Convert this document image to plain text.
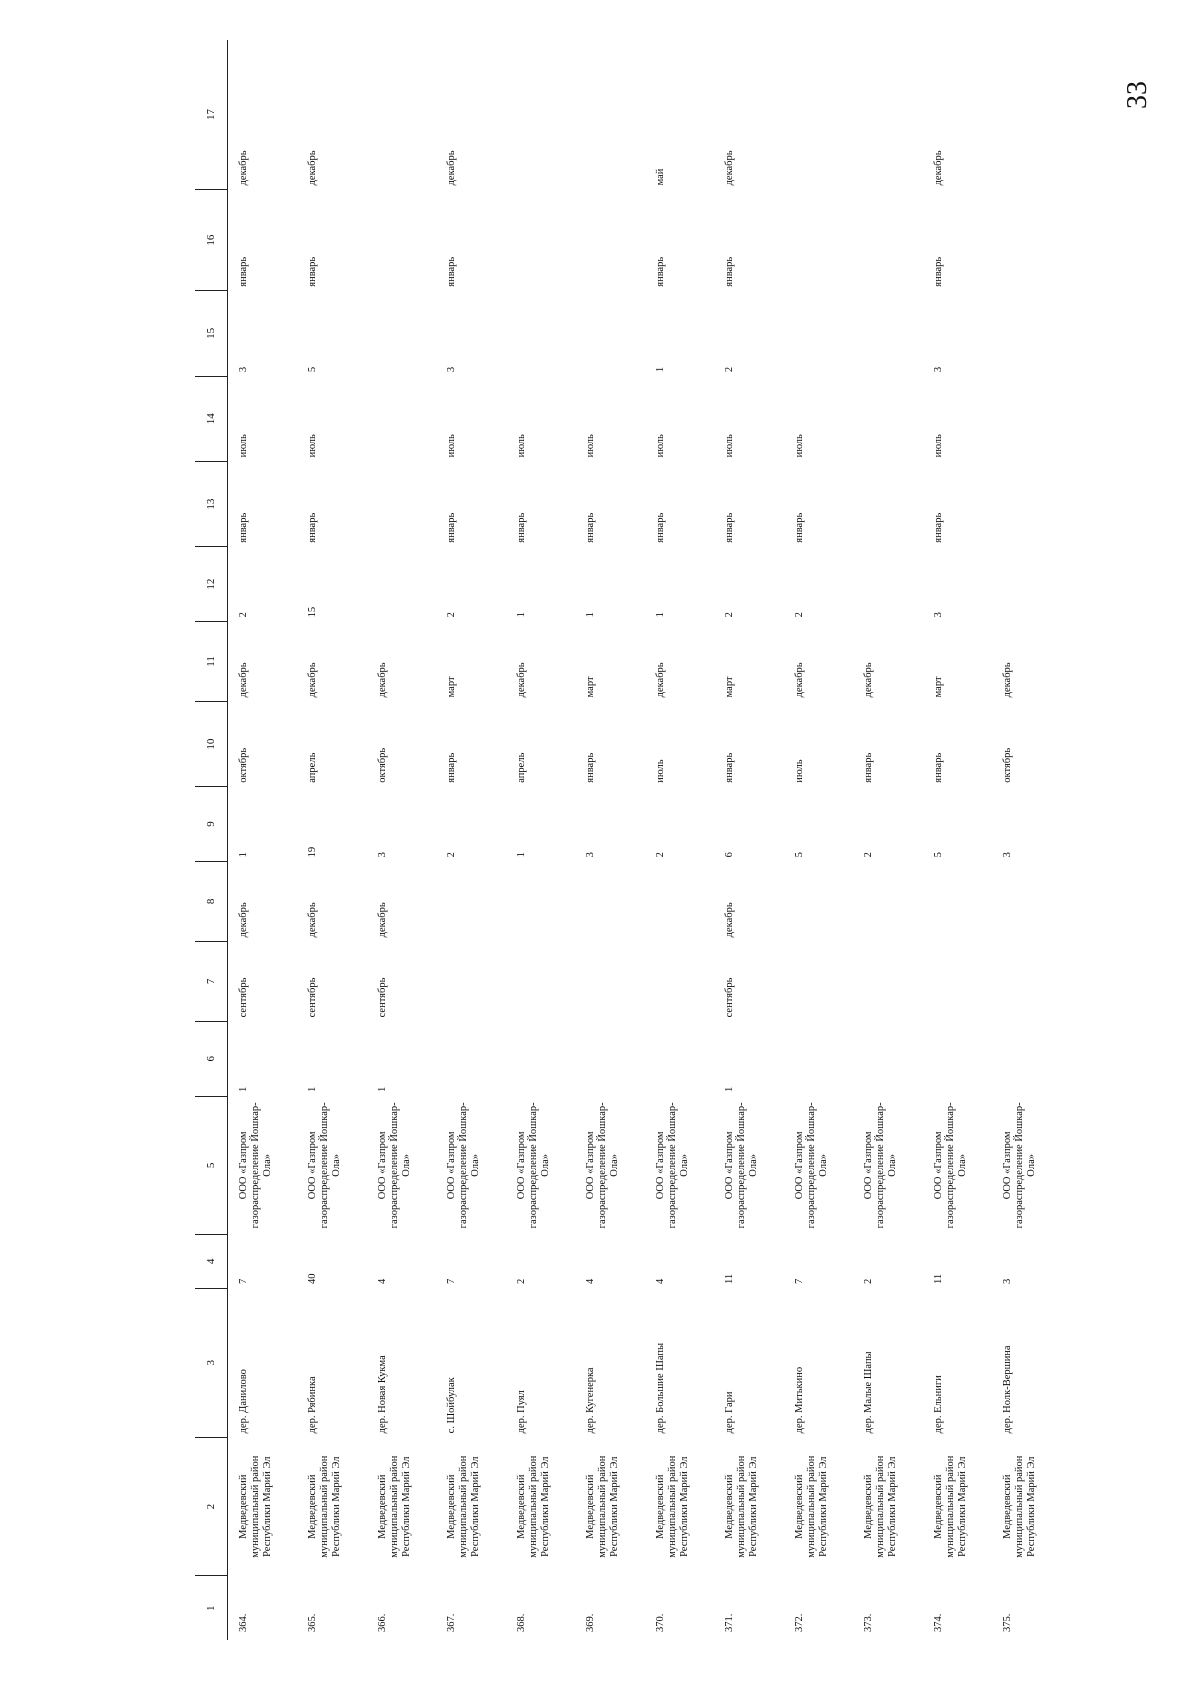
33
1	2	3	4	5	6	7	8	9	10	11	12	13	14	15	16	17
364.	Медведевский муниципальный район Республики Марий Эл	дер. Данилово	7	ООО «Газпром газораспределение Йошкар-Ола»	1	сентябрь	декабрь	1	октябрь	декабрь	2	январь	июль	3	январь	декабрь
365.	Медведевский муниципальный район Республики Марий Эл	дер. Рябинка	40	ООО «Газпром газораспределение Йошкар-Ола»	1	сентябрь	декабрь	19	апрель	декабрь	15	январь	июль	5	январь	декабрь
366.	Медведевский муниципальный район Республики Марий Эл	дер. Новая Кукма	4	ООО «Газпром газораспределение Йошкар-Ола»	1	сентябрь	декабрь	3	октябрь	декабрь						
367.	Медведевский муниципальный район Республики Марий Эл	с. Шойбулак	7	ООО «Газпром газораспределение Йошкар-Ола»				2	январь	март	2	январь	июль	3	январь	декабрь
368.	Медведевский муниципальный район Республики Марий Эл	дер. Пуял	2	ООО «Газпром газораспределение Йошкар-Ола»				1	апрель	декабрь	1	январь	июль			
369.	Медведевский муниципальный район Республики Марий Эл	дер. Кугенерка	4	ООО «Газпром газораспределение Йошкар-Ола»				3	январь	март	1	январь	июль			
370.	Медведевский муниципальный район Республики Марий Эл	дер. Большие Шапы	4	ООО «Газпром газораспределение Йошкар-Ола»				2	июль	декабрь	1	январь	июль	1	январь	май
371.	Медведевский муниципальный район Республики Марий Эл	дер. Гари	11	ООО «Газпром газораспределение Йошкар-Ола»	1	сентябрь	декабрь	6	январь	март	2	январь	июль	2	январь	декабрь
372.	Медведевский муниципальный район Республики Марий Эл	дер. Митькино	7	ООО «Газпром газораспределение Йошкар-Ола»				5	июль	декабрь	2	январь	июль			
373.	Медведевский муниципальный район Республики Марий Эл	дер. Малые Шапы	2	ООО «Газпром газораспределение Йошкар-Ола»				2	январь	декабрь						
374.	Медведевский муниципальный район Республики Марий Эл	дер. Ельниги	11	ООО «Газпром газораспределение Йошкар-Ола»				5	январь	март	3	январь	июль	3	январь	декабрь
375.	Медведевский муниципальный район Республики Марий Эл	дер. Нолк-Вершина	3	ООО «Газпром газораспределение Йошкар-Ола»				3	октябрь	декабрь						
